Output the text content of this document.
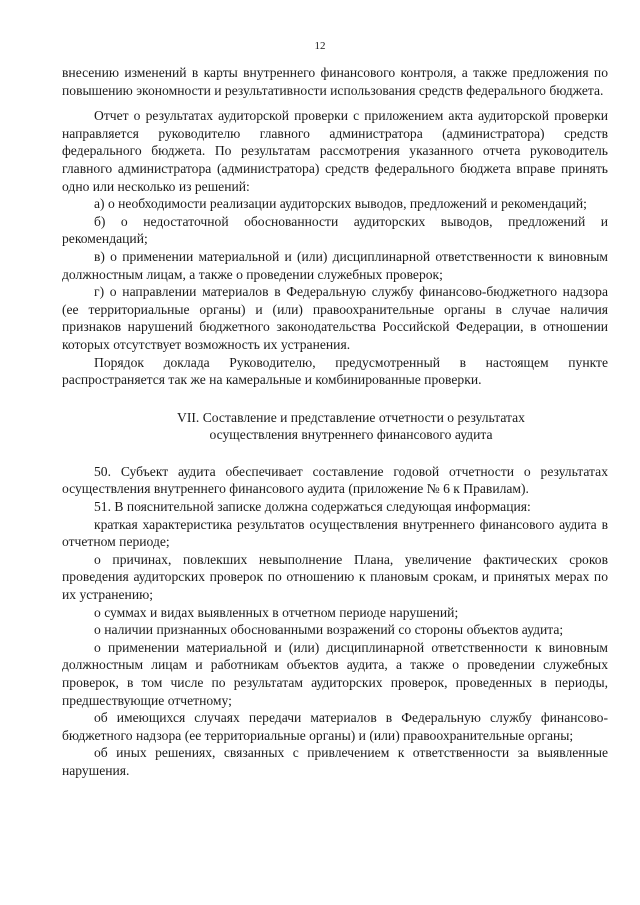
12

внесению изменений в карты внутреннего финансового контроля, а также предложения по повышению экономности и результативности использования средств федерального бюджета.

Отчет о результатах аудиторской проверки с приложением акта аудиторской проверки направляется руководителю главного администратора (администратора) средств федерального бюджета. По результатам рассмотрения указанного отчета руководитель главного администратора (администратора) средств федерального бюджета вправе принять одно или несколько из решений:

а) о необходимости реализации аудиторских выводов, предложений и рекомендаций;

б) о недостаточной обоснованности аудиторских выводов, предложений и рекомендаций;

в) о применении материальной и (или) дисциплинарной ответственности к виновным должностным лицам, а также о проведении служебных проверок;

г) о направлении материалов в Федеральную службу финансово-бюджетного надзора (ее территориальные органы) и (или) правоохранительные органы в случае наличия признаков нарушений бюджетного законодательства Российской Федерации, в отношении которых отсутствует возможность их устранения.

Порядок доклада Руководителю, предусмотренный в настоящем пункте распространяется так же на камеральные и комбинированные проверки.

VII. Составление и представление отчетности о результатах
осуществления внутреннего финансового аудита

50. Субъект аудита обеспечивает составление годовой отчетности о результатах осуществления внутреннего финансового аудита (приложение № 6 к Правилам).

51. В пояснительной записке должна содержаться следующая информация:

краткая характеристика результатов осуществления внутреннего финансового аудита в отчетном периоде;

о причинах, повлекших невыполнение Плана, увеличение фактических сроков проведения аудиторских проверок по отношению к плановым срокам, и принятых мерах по их устранению;

о суммах и видах выявленных в отчетном периоде нарушений;

о наличии признанных обоснованными возражений со стороны объектов аудита;

о применении материальной и (или) дисциплинарной ответственности к виновным должностным лицам и работникам объектов аудита, а также о проведении служебных проверок, в том числе по результатам аудиторских проверок, проведенных в периоды, предшествующие отчетному;

об имеющихся случаях передачи материалов в Федеральную службу финансово-бюджетного надзора (ее территориальные органы) и (или) правоохранительные органы;

об иных решениях, связанных с привлечением к ответственности за выявленные нарушения.
